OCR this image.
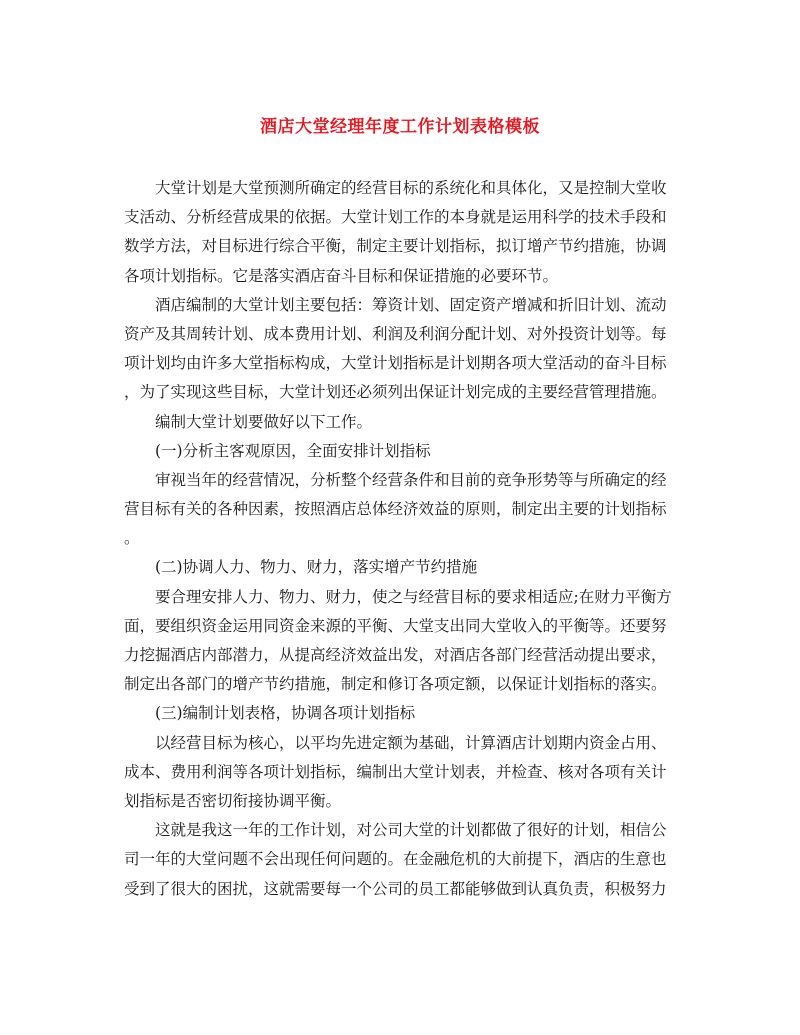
酒店大堂经理年度工作计划表格模板

大堂计划是大堂预测所确定的经营目标的系统化和具体化，又是控制大堂收

支活动、分析经营成果的依据。大堂计划工作的本身就是运用科学的技术手段和

数学方法，对目标进行综合平衡，制定主要计划指标，拟订增产节约措施，协调

各项计划指标。它是落实酒店奋斗目标和保证措施的必要环节。

酒店编制的大堂计划主要包括：筹资计划、固定资产增减和折旧计划、流动

资产及其周转计划、成本费用计划、利润及利润分配计划、对外投资计划等。每

项计划均由许多大堂指标构成，大堂计划指标是计划期各项大堂活动的奋斗目标

，为了实现这些目标，大堂计划还必须列出保证计划完成的主要经营管理措施。

编制大堂计划要做好以下工作。

(一)分析主客观原因，全面安排计划指标

审视当年的经营情况，分析整个经营条件和目前的竞争形势等与所确定的经

营目标有关的各种因素，按照酒店总体经济效益的原则，制定出主要的计划指标

。

(二)协调人力、物力、财力，落实增产节约措施

要合理安排人力、物力、财力，使之与经营目标的要求相适应;在财力平衡方

面，要组织资金运用同资金来源的平衡、大堂支出同大堂收入的平衡等。还要努

力挖掘酒店内部潜力，从提高经济效益出发，对酒店各部门经营活动提出要求，

制定出各部门的增产节约措施，制定和修订各项定额，以保证计划指标的落实。

(三)编制计划表格，协调各项计划指标

以经营目标为核心，以平均先进定额为基础，计算酒店计划期内资金占用、

成本、费用利润等各项计划指标，编制出大堂计划表，并检查、核对各项有关计

划指标是否密切衔接协调平衡。

这就是我这一年的工作计划，对公司大堂的计划都做了很好的计划，相信公

司一年的大堂问题不会出现任何问题的。在金融危机的大前提下，酒店的生意也

受到了很大的困扰，这就需要每一个公司的员工都能够做到认真负责，积极努力
